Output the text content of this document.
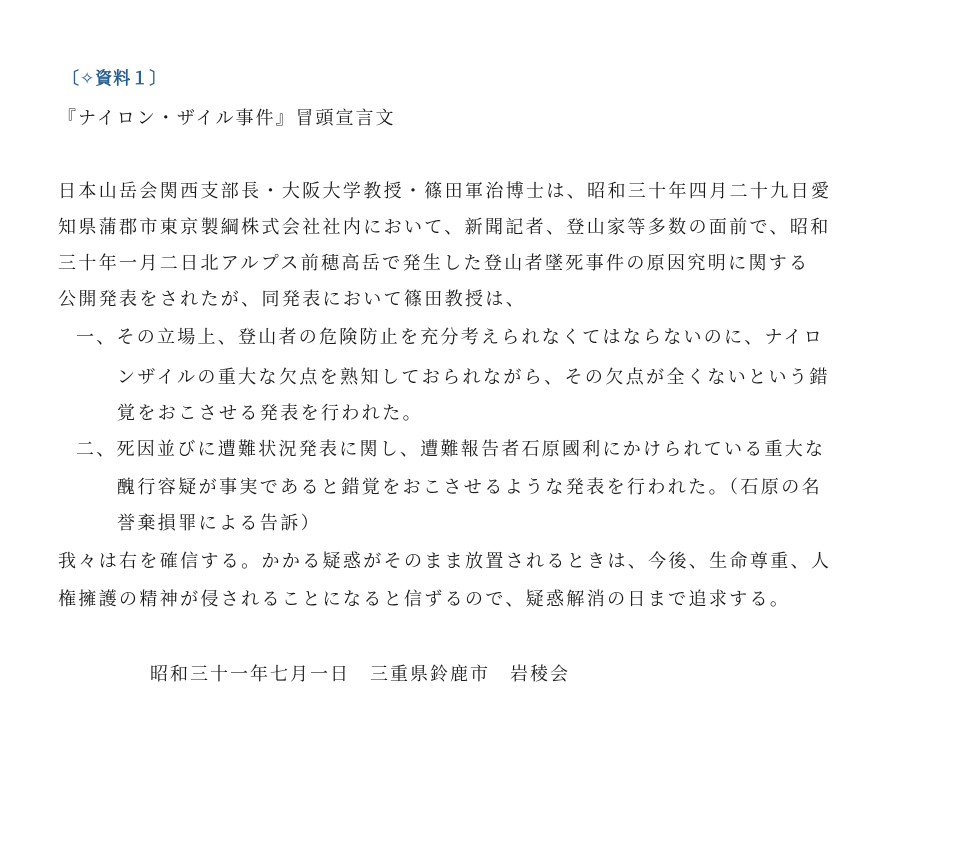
〔✧資料１〕
『ナイロン・ザイル事件』冒頭宣言文
日本山岳会関西支部長・大阪大学教授・篠田軍治博士は、昭和三十年四月二十九日愛
知県蒲郡市東京製綱株式会社社内において、新聞記者、登山家等多数の面前で、昭和
三十年一月二日北アルプス前穂高岳で発生した登山者墜死事件の原因究明に関する
公開発表をされたが、同発表において篠田教授は、
一、その立場上、登山者の危険防止を充分考えられなくてはならないのに、ナイロ
ンザイルの重大な欠点を熟知しておられながら、その欠点が全くないという錯
覚をおこさせる発表を行われた。
二、死因並びに遭難状況発表に関し、遭難報告者石原國利にかけられている重大な
醜行容疑が事実であると錯覚をおこさせるような発表を行われた。（石原の名
誉棄損罪による告訴）
我々は右を確信する。かかる疑惑がそのまま放置されるときは、今後、生命尊重、人
権擁護の精神が侵されることになると信ずるので、疑惑解消の日まで追求する。
昭和三十一年七月一日　三重県鈴鹿市　岩稜会
